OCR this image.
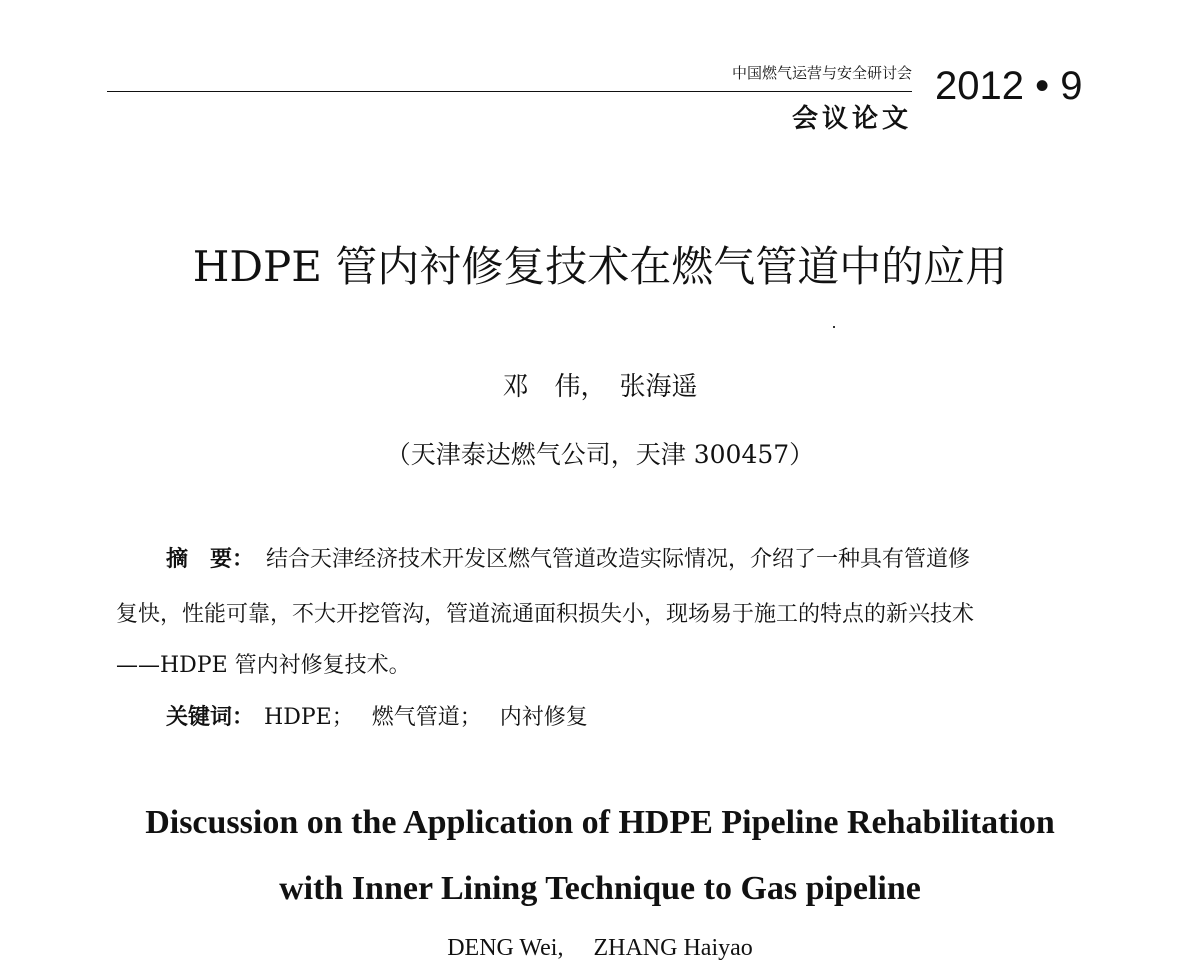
中国燃气运营与安全研讨会
会议论文
2012 • 9
HDPE 管内衬修复技术在燃气管道中的应用
邓　伟，　张海遥
（天津泰达燃气公司，天津 300457）
摘　要： 结合天津经济技术开发区燃气管道改造实际情况，介绍了一种具有管道修
复快，性能可靠，不大开挖管沟，管道流通面积损失小，现场易于施工的特点的新兴技术
——HDPE 管内衬修复技术。
关键词： HDPE； 燃气管道； 内衬修复
Discussion on the Application of HDPE Pipeline Rehabilitation
with Inner Lining Technique to Gas pipeline
DENG Wei,     ZHANG Haiyao
